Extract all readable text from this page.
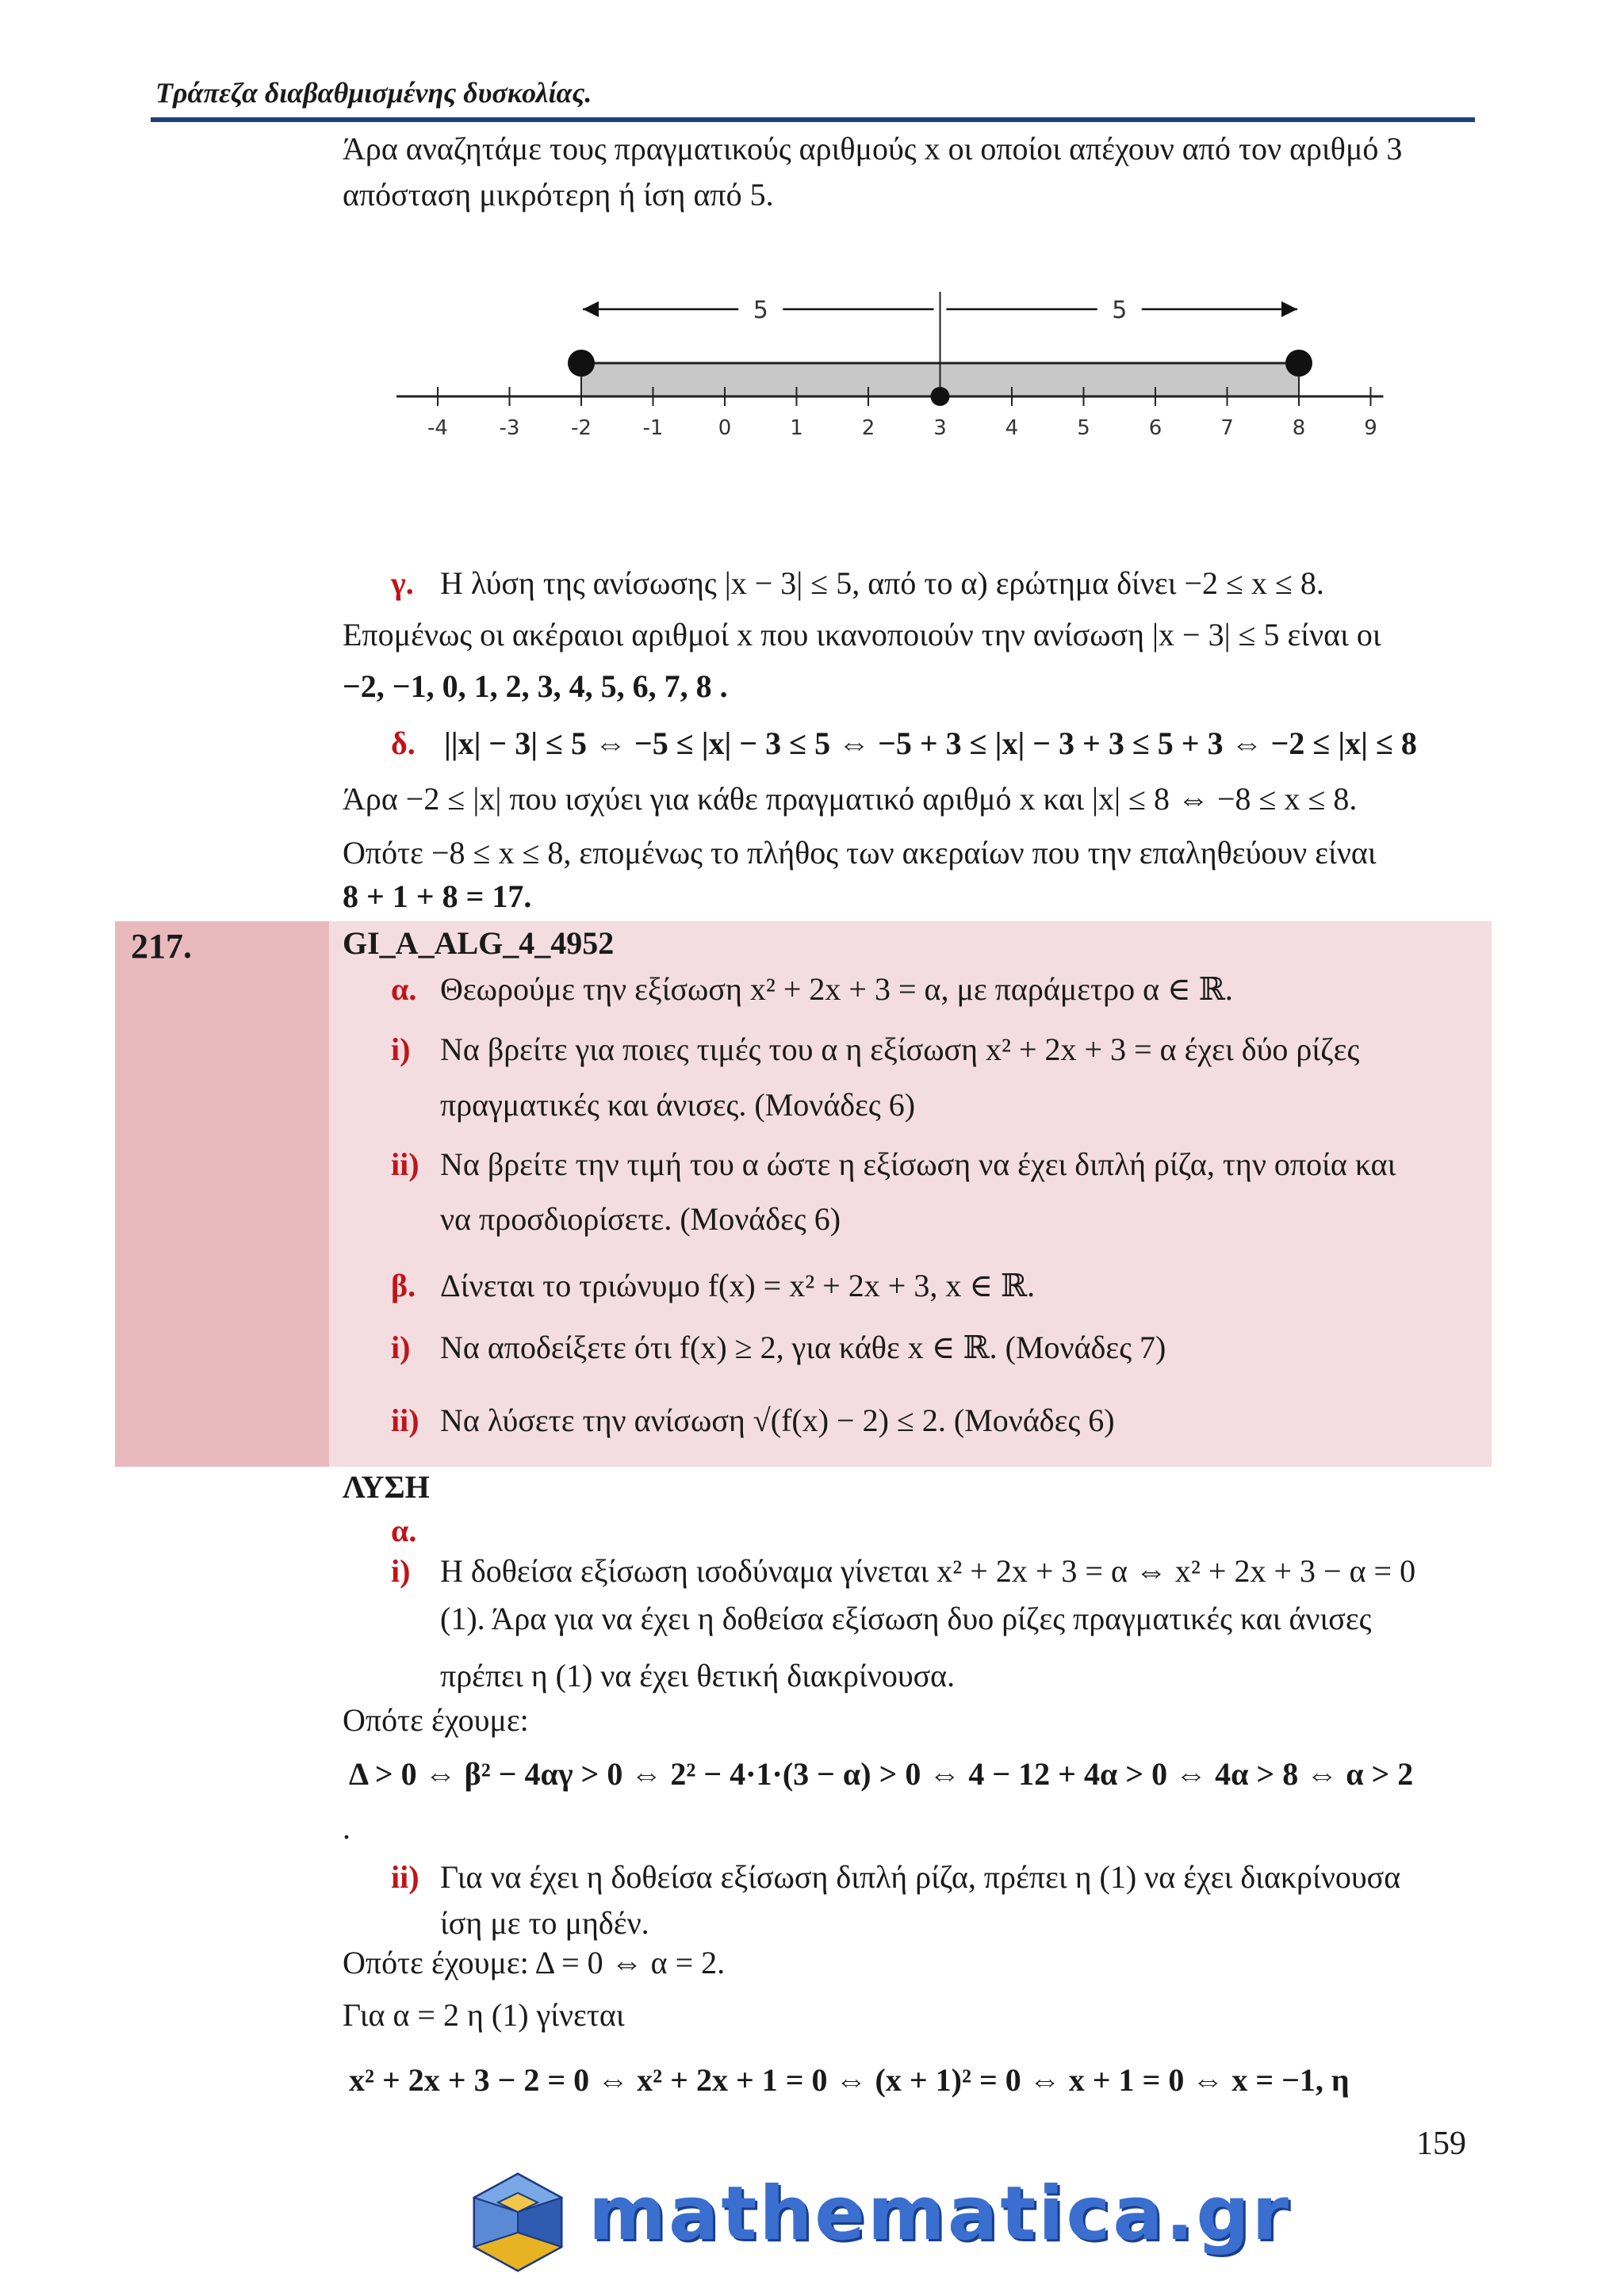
Τράπεζα διαβαθμισμένης δυσκολίας.
Άρα αναζητάμε τους πραγματικούς αριθμούς x οι οποίοι απέχουν από τον αριθμό 3
απόσταση μικρότερη ή ίση από 5.
-4 -3 -2 -1	0	1	2	3	4	5	6	7	8	9
5	5
γ. Η λύση της ανίσωσης |x − 3| ≤ 5, από το α) ερώτημα δίνει −2 ≤ x ≤ 8.
Επομένως οι ακέραιοι αριθμοί x που ικανοποιούν την ανίσωση |x − 3| ≤ 5 είναι οι
−2, −1, 0, 1, 2, 3, 4, 5, 6, 7, 8 .
δ. ||x| − 3| ≤ 5 ⇔ −5 ≤ |x| − 3 ≤ 5 ⇔ −5 + 3 ≤ |x| − 3 + 3 ≤ 5 + 3 ⇔ −2 ≤ |x| ≤ 8
Άρα −2 ≤ |x| που ισχύει για κάθε πραγματικό αριθμό x και |x| ≤ 8 ⇔ −8 ≤ x ≤ 8.
Οπότε −8 ≤ x ≤ 8, επομένως το πλήθος των ακεραίων που την επαληθεύουν είναι
8 + 1 + 8 = 17.
217.	GI_A_ALG_4_4952
α. Θεωρούμε την εξίσωση x² + 2x + 3 = α, με παράμετρο α ∈ ℝ.
i) Να βρείτε για ποιες τιμές του α η εξίσωση x² + 2x + 3 = α έχει δύο ρίζες
πραγματικές και άνισες. (Μονάδες 6)
ii) Να βρείτε την τιμή του α ώστε η εξίσωση να έχει διπλή ρίζα, την οποία και
να προσδιορίσετε. (Μονάδες 6)
β. Δίνεται το τριώνυμο f(x) = x² + 2x + 3, x ∈ ℝ.
i) Να αποδείξετε ότι f(x) ≥ 2, για κάθε x ∈ ℝ. (Μονάδες 7)
ii) Να λύσετε την ανίσωση √(f(x) − 2) ≤ 2. (Μονάδες 6)
ΛΥΣΗ
α.
i) Η δοθείσα εξίσωση ισοδύναμα γίνεται x² + 2x + 3 = α ⇔ x² + 2x + 3 − α = 0
(1). Άρα για να έχει η δοθείσα εξίσωση δυο ρίζες πραγματικές και άνισες
πρέπει η (1) να έχει θετική διακρίνουσα.
Οπότε έχουμε:
Δ > 0 ⇔ β² − 4αγ > 0 ⇔ 2² − 4·1·(3 − α) > 0 ⇔ 4 − 12 + 4α > 0 ⇔ 4α > 8 ⇔ α > 2
.
ii) Για να έχει η δοθείσα εξίσωση διπλή ρίζα, πρέπει η (1) να έχει διακρίνουσα
ίση με το μηδέν.
Οπότε έχουμε: Δ = 0 ⇔ α = 2.
Για α = 2 η (1) γίνεται
x² + 2x + 3 − 2 = 0 ⇔ x² + 2x + 1 = 0 ⇔ (x + 1)² = 0 ⇔ x + 1 = 0 ⇔ x = −1, η
159
mathematica.gr
